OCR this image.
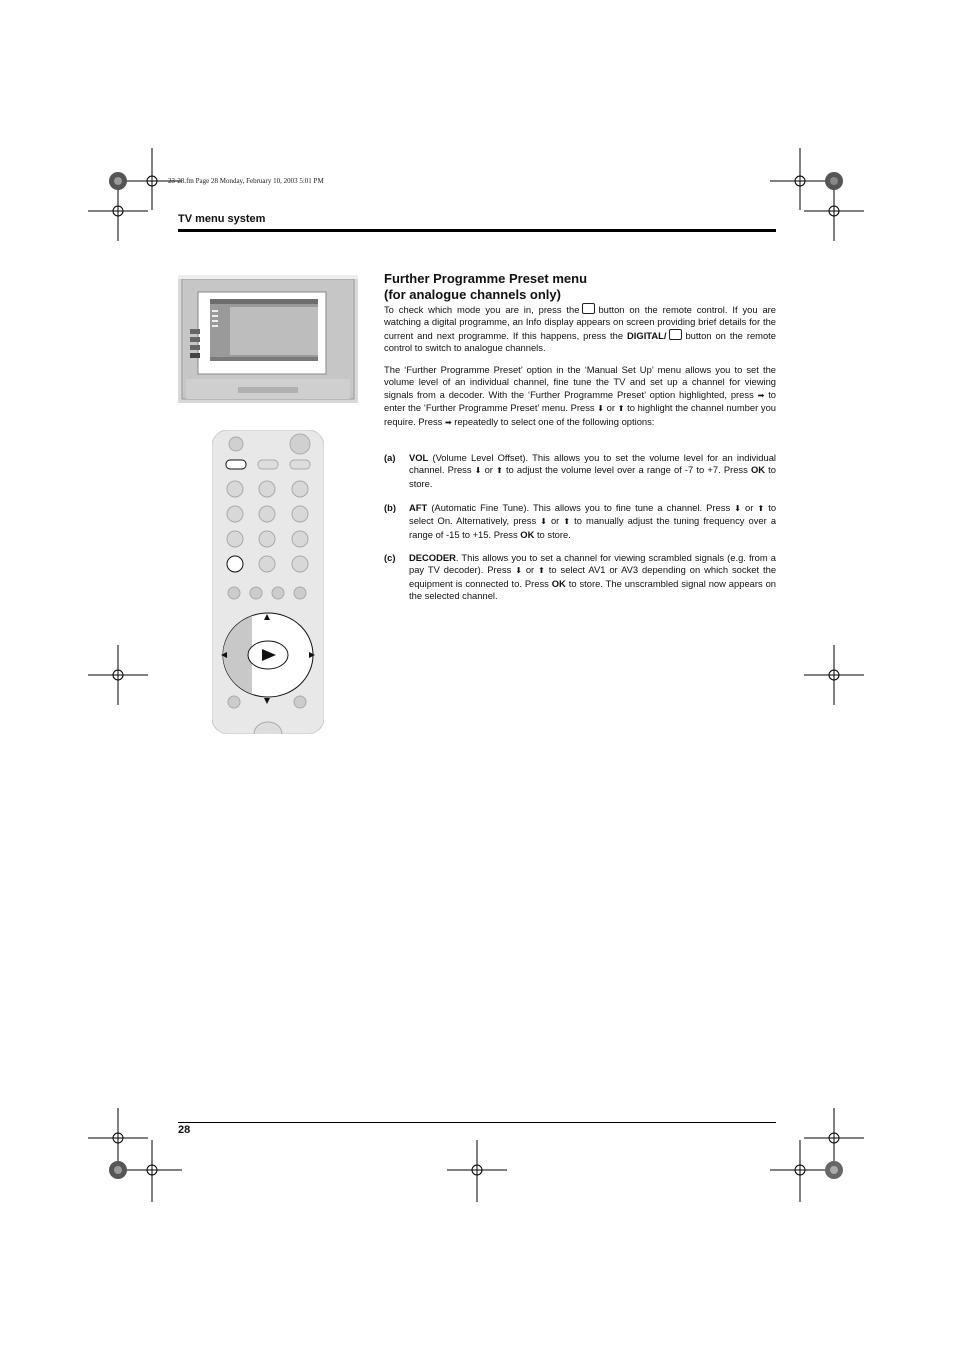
23-28.fm Page 28 Monday, February 10, 2003 5:01 PM
TV menu system
Further Programme Preset menu
(for analogue channels only)
To check which mode you are in, press the button on the remote control. If you are watching a digital programme, an Info display appears on screen providing brief details for the current and next programme. If this happens, press the DIGITAL/ button on the remote control to switch to analogue channels.
The ‘Further Programme Preset’ option in the ‘Manual Set Up’ menu allows you to set the volume level of an individual channel, fine tune the TV and set up a channel for viewing signals from a decoder. With the ‘Further Programme Preset’ option highlighted, press ➡ to enter the ‘Further Programme Preset’ menu. Press ⬇ or ⬆ to highlight the channel number you require. Press ➡ repeatedly to select one of the following options:
(a) VOL (Volume Level Offset). This allows you to set the volume level for an individual channel. Press ⬇ or ⬆ to adjust the volume level over a range of -7 to +7. Press OK to store.
(b) AFT (Automatic Fine Tune). This allows you to fine tune a channel. Press ⬇ or ⬆ to select On. Alternatively, press ⬇ or ⬆ to manually adjust the tuning frequency over a range of -15 to +15. Press OK to store.
(c) DECODER. This allows you to set a channel for viewing scrambled signals (e.g. from a pay TV decoder). Press ⬇ or ⬆ to select AV1 or AV3 depending on which socket the equipment is connected to. Press OK to store. The unscrambled signal now appears on the selected channel.
28
